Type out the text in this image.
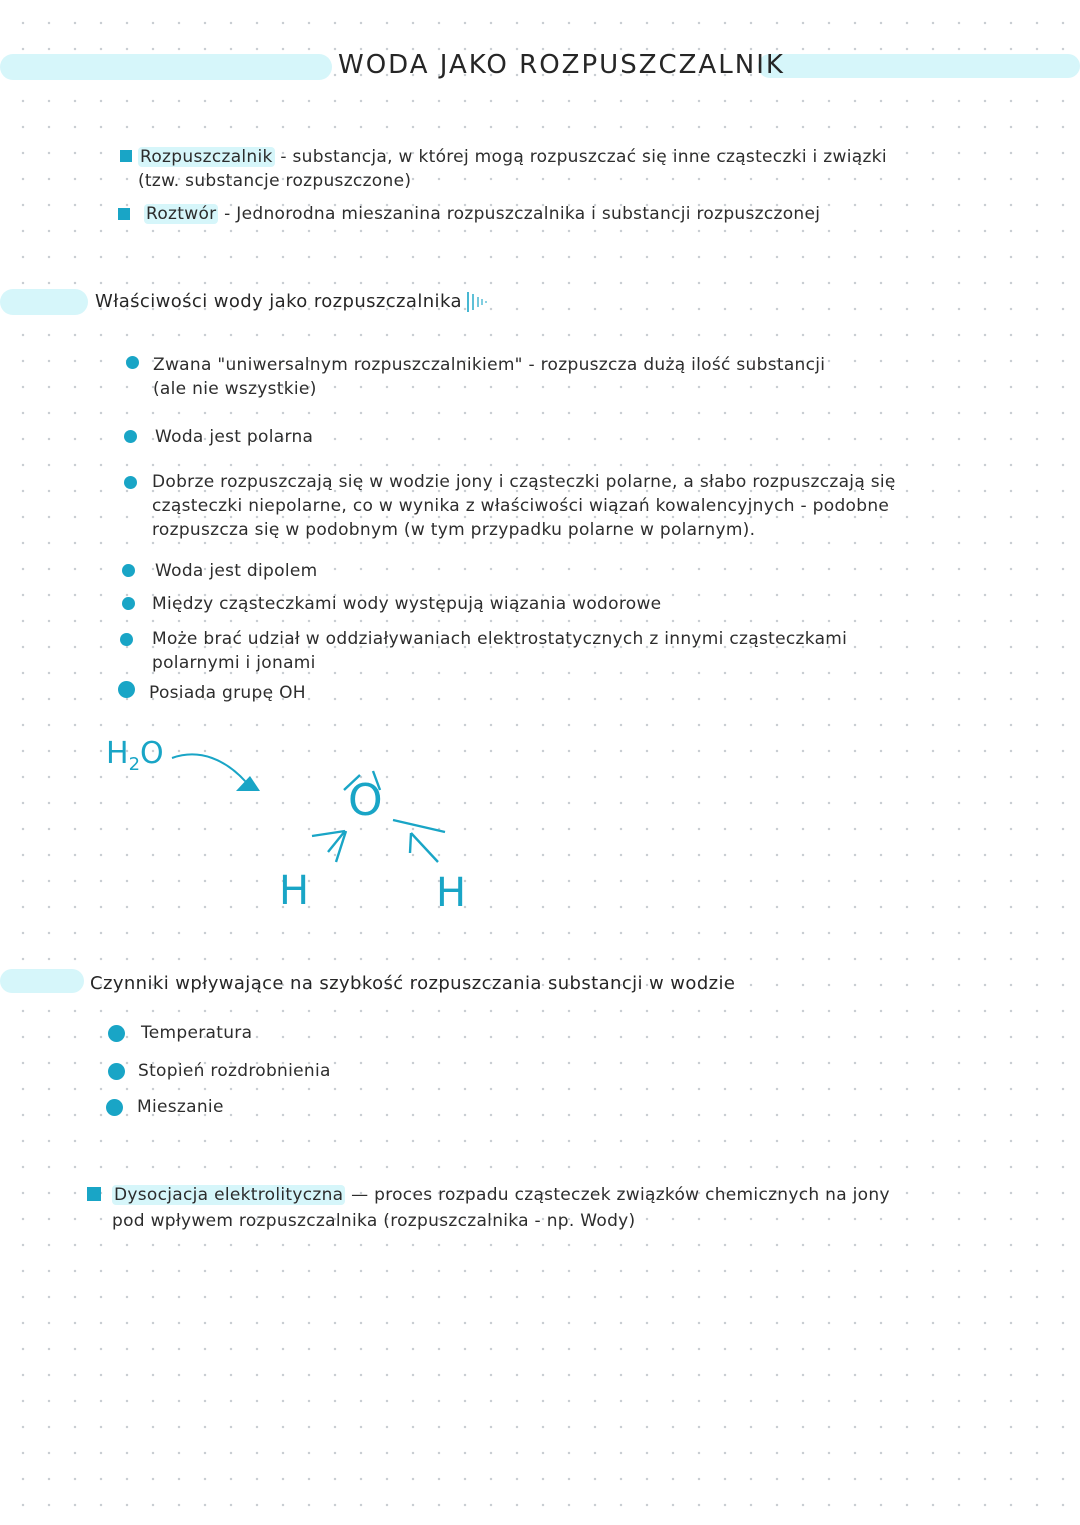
WODA JAKO ROZPUSZCZALNIK
Rozpuszczalnik - substancja, w której mogą rozpuszczać się inne cząsteczki i związki
(tzw. substancje rozpuszczone)
Roztwór - Jednorodna mieszanina rozpuszczalnika i substancji rozpuszczonej
Właściwości wody jako rozpuszczalnika
Zwana "uniwersalnym rozpuszczalnikiem" - rozpuszcza dużą ilość substancji
(ale nie wszystkie)
Woda jest polarna
Dobrze rozpuszczają się w wodzie jony i cząsteczki polarne, a słabo rozpuszczają się
cząsteczki niepolarne, co w wynika z właściwości wiązań kowalencyjnych - podobne
rozpuszcza się w podobnym (w tym przypadku polarne w polarnym).
Woda jest dipolem
Między cząsteczkami wody występują wiązania wodorowe
Może brać udział w oddziaływaniach elektrostatycznych z innymi cząsteczkami
polarnymi i jonami
Posiada grupę OH
$H_2O$
O
H	H
Czynniki wpływające na szybkość rozpuszczania substancji w wodzie
Temperatura
Stopień rozdrobnienia
Mieszanie
Dysocjacja elektrolityczna — proces rozpadu cząsteczek związków chemicznych na jony
pod wpływem rozpuszczalnika (rozpuszczalnika - np. Wody)
